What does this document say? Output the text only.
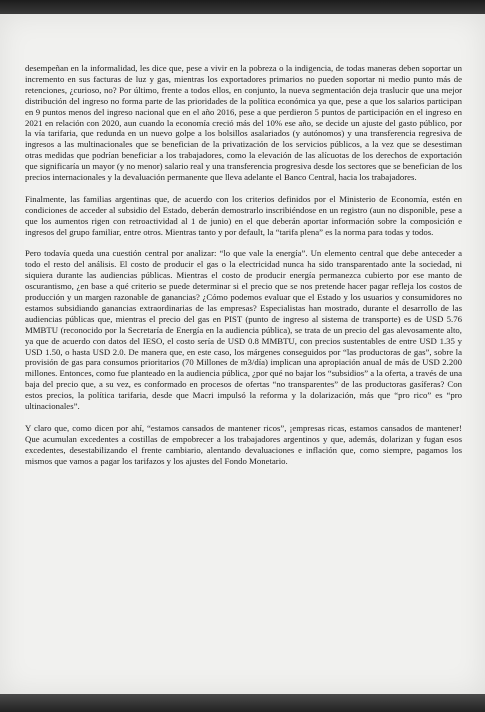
desempeñan en la informalidad, les dice que, pese a vivir en la pobreza o la indigencia, de todas maneras deben soportar un incremento en sus facturas de luz y gas, mientras los exportadores primarios no pueden soportar ni medio punto más de retenciones, ¿curioso, no? Por último, frente a todos ellos, en conjunto, la nueva segmentación deja traslucir que una mejor distribución del ingreso no forma parte de las prioridades de la política económica ya que, pese a que los salarios participan en 9 puntos menos del ingreso nacional que en el año 2016, pese a que perdieron 5 puntos de participación en el ingreso en 2021 en relación con 2020, aun cuando la economía creció más del 10% ese año, se decide un ajuste del gasto público, por la vía tarifaria, que redunda en un nuevo golpe a los bolsillos asalariados (y autónomos) y una transferencia regresiva de ingresos a las multinacionales que se benefician de la privatización de los servicios públicos, a la vez que se desestiman otras medidas que podrían beneficiar a los trabajadores, como la elevación de las alícuotas de los derechos de exportación que significaría un mayor (y no menor) salario real y una transferencia progresiva desde los sectores que se benefician de los precios internacionales y la devaluación permanente que lleva adelante el Banco Central, hacia los trabajadores.

Finalmente, las familias argentinas que, de acuerdo con los criterios definidos por el Ministerio de Economía, estén en condiciones de acceder al subsidio del Estado, deberán demostrarlo inscribiéndose en un registro (aun no disponible, pese a que los aumentos rigen con retroactividad al 1 de junio) en el que deberán aportar información sobre la composición e ingresos del grupo familiar, entre otros. Mientras tanto y por default, la “tarifa plena” es la norma para todas y todos.

Pero todavía queda una cuestión central por analizar: “lo que vale la energía”. Un elemento central que debe anteceder a todo el resto del análisis. El costo de producir el gas o la electricidad nunca ha sido transparentado ante la sociedad, ni siquiera durante las audiencias públicas. Mientras el costo de producir energía permanezca cubierto por ese manto de oscurantismo, ¿en base a qué criterio se puede determinar si el precio que se nos pretende hacer pagar refleja los costos de producción y un margen razonable de ganancias? ¿Cómo podemos evaluar que el Estado y los usuarios y consumidores no estamos subsidiando ganancias extraordinarias de las empresas? Especialistas han mostrado, durante el desarrollo de las audiencias públicas que, mientras el precio del gas en PIST (punto de ingreso al sistema de transporte) es de USD 5.76 MMBTU (reconocido por la Secretaría de Energía en la audiencia pública), se trata de un precio del gas alevosamente alto, ya que de acuerdo con datos del IESO, el costo sería de USD 0.8 MMBTU, con precios sustentables de entre USD 1.35 y USD 1.50, o hasta USD 2.0. De manera que, en este caso, los márgenes conseguidos por “las productoras de gas”, sobre la provisión de gas para consumos prioritarios (70 Millones de m3/día) implican una apropiación anual de más de USD 2.200 millones. Entonces, como fue planteado en la audiencia pública, ¿por qué no bajar los “subsidios” a la oferta, a través de una baja del precio que, a su vez, es conformado en procesos de ofertas “no transparentes” de las productoras gasíferas? Con estos precios, la política tarifaria, desde que Macri impulsó la reforma y la dolarización, más que “pro rico” es “pro ultinacionales”.

Y claro que, como dicen por ahí, “estamos cansados de mantener ricos”, ¡empresas ricas, estamos cansados de mantener! Que acumulan excedentes a costillas de empobrecer a los trabajadores argentinos y que, además, dolarizan y fugan esos excedentes, desestabilizando el frente cambiario, alentando devaluaciones e inflación que, como siempre, pagamos los mismos que vamos a pagar los tarifazos y los ajustes del Fondo Monetario.
